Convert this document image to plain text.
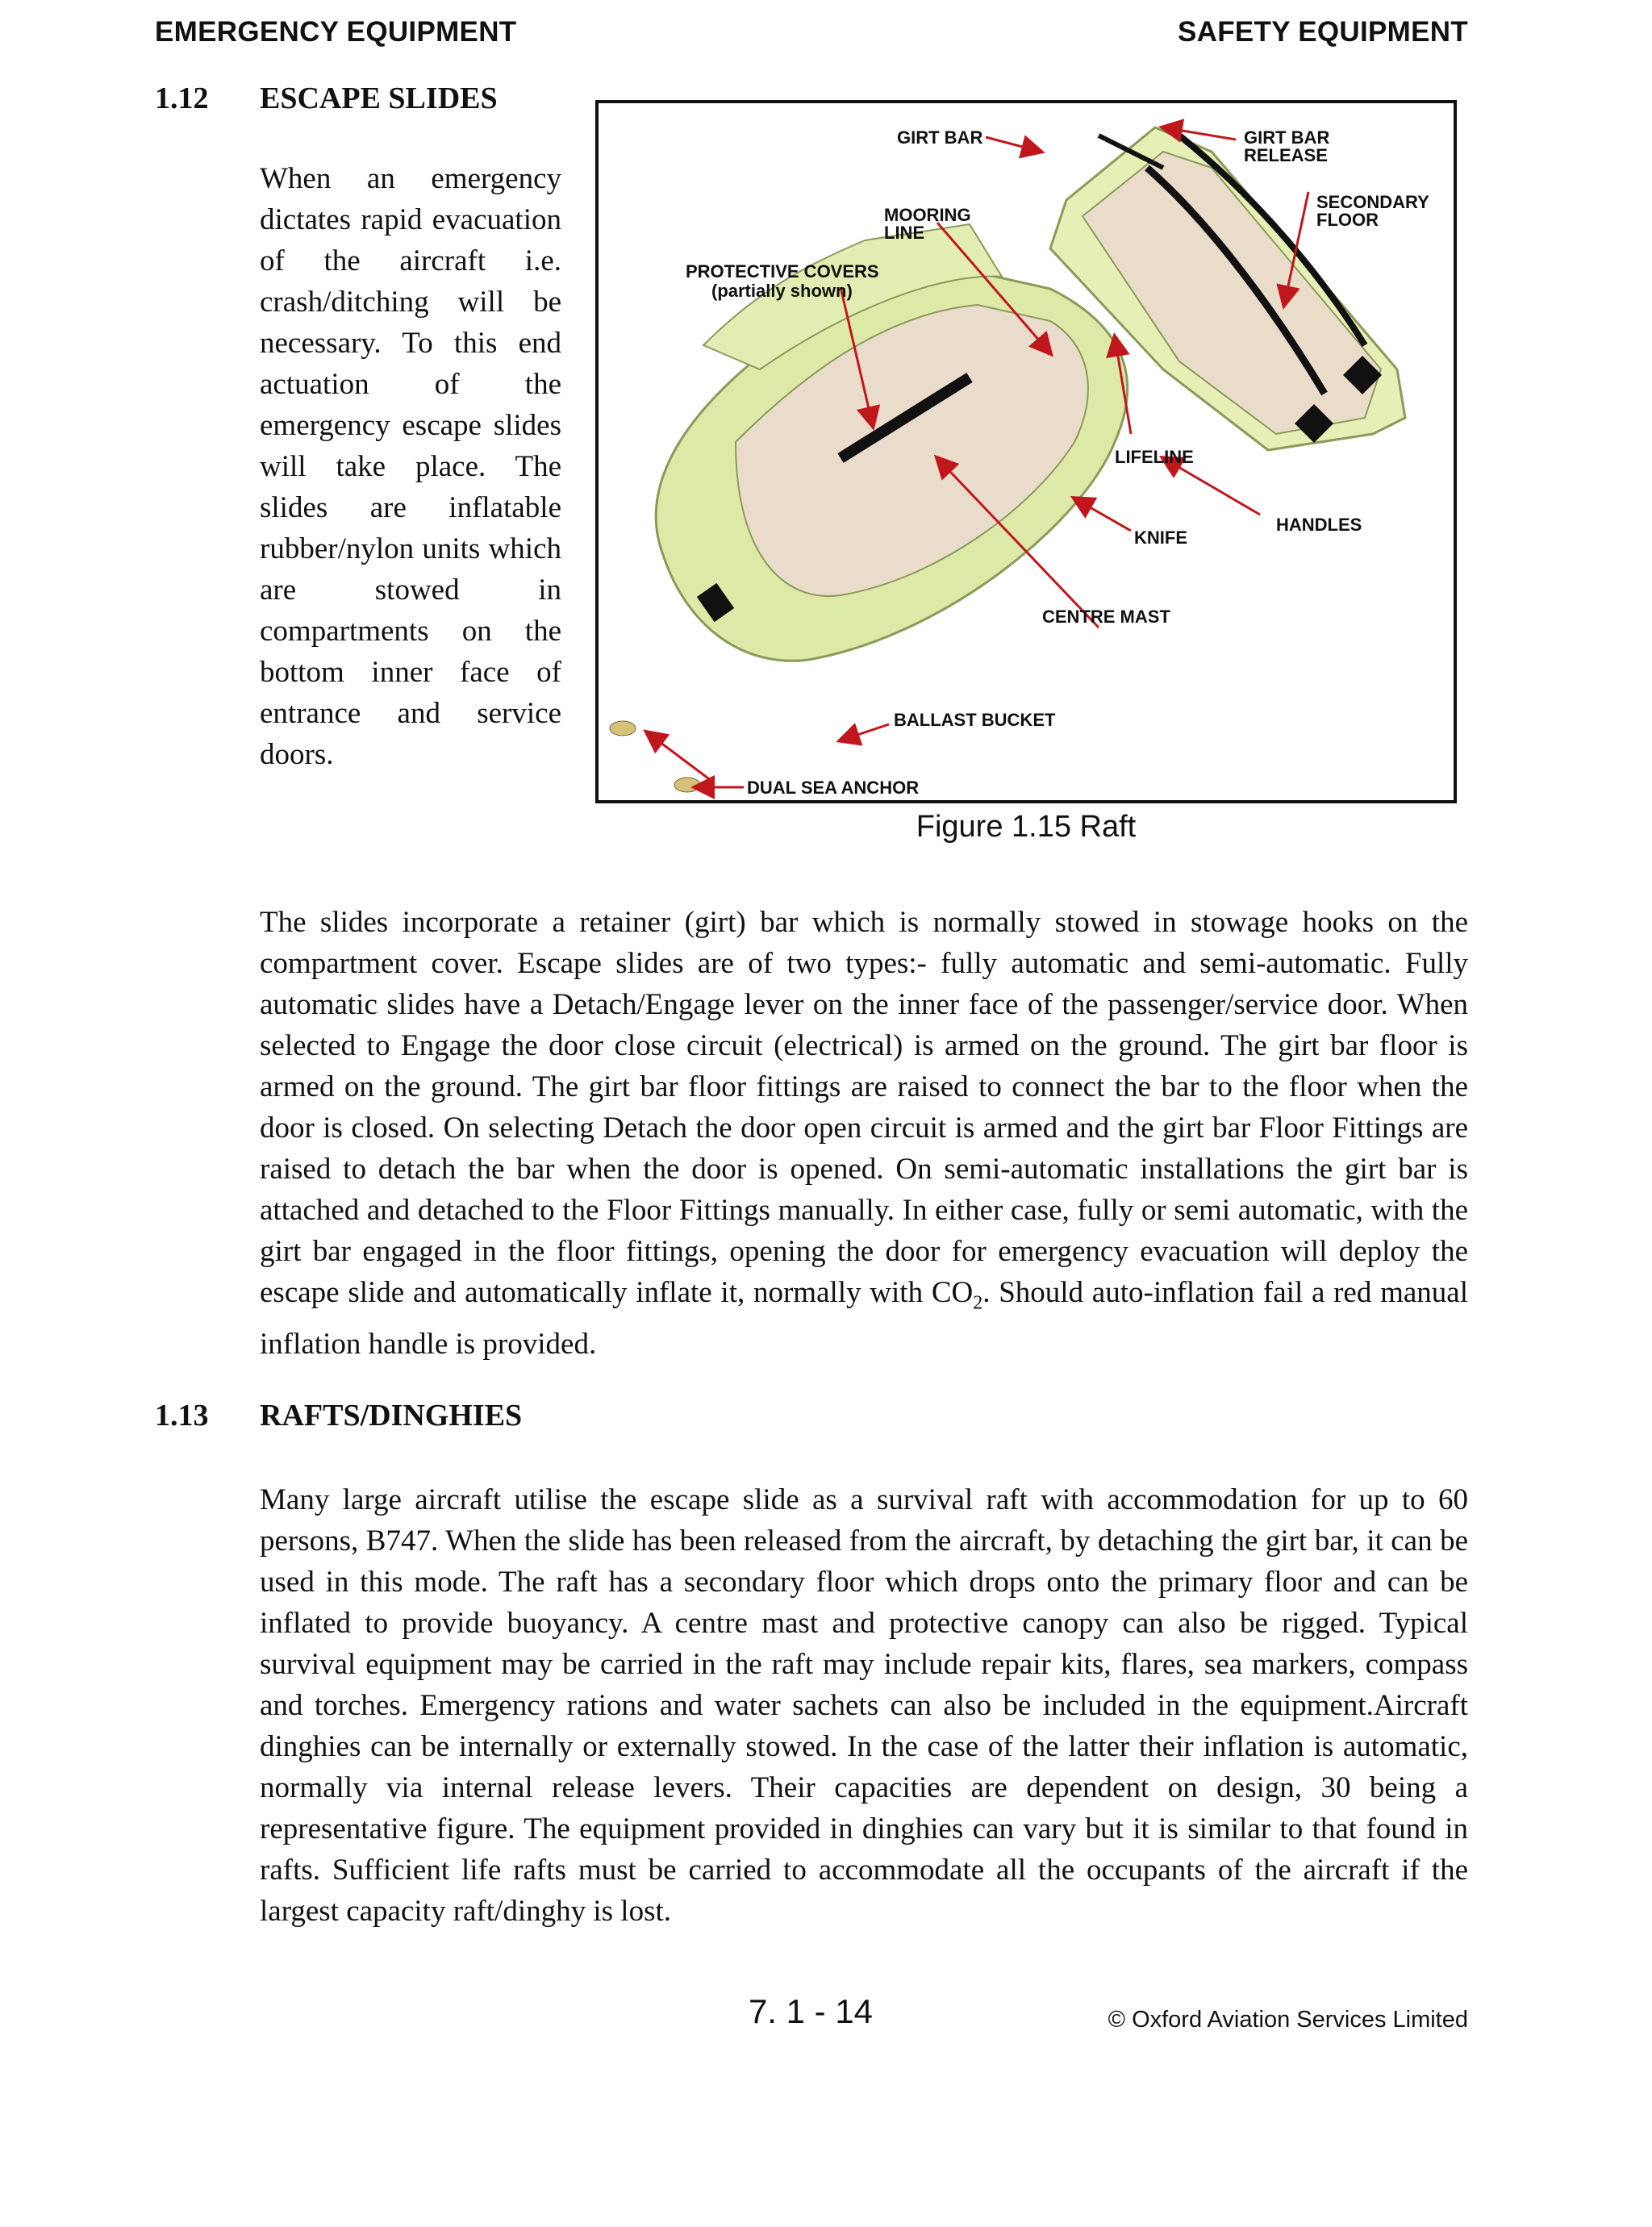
EMERGENCY EQUIPMENT	SAFETY EQUIPMENT
1.12 ESCAPE SLIDES
When an emergency dictates rapid evacuation of the aircraft i.e. crash/ditching will be necessary. To this end actuation of the emergency escape slides will take place. The slides are inflatable rubber/nylon units which are stowed in compartments on the bottom inner face of entrance and service doors.
GIRT BAR	GIRT BAR
RELEASE
SECONDARY
FLOOR
MOORING
LINE
PROTECTIVE COVERS
(partially shown)
LIFELINE
HANDLES
KNIFE
CENTRE MAST
BALLAST BUCKET
DUAL SEA ANCHOR
Figure 1.15 Raft
The slides incorporate a retainer (girt) bar which is normally stowed in stowage hooks on the compartment cover. Escape slides are of two types:- fully automatic and semi-automatic. Fully automatic slides have a Detach/Engage lever on the inner face of the passenger/service door. When selected to Engage the door close circuit (electrical) is armed on the ground. The girt bar floor is armed on the ground. The girt bar floor fittings are raised to connect the bar to the floor when the door is closed. On selecting Detach the door open circuit is armed and the girt bar Floor Fittings are raised to detach the bar when the door is opened. On semi-automatic installations the girt bar is attached and detached to the Floor Fittings manually. In either case, fully or semi automatic, with the girt bar engaged in the floor fittings, opening the door for emergency evacuation will deploy the escape slide and automatically inflate it, normally with $CO_2$. Should auto-inflation fail a red manual inflation handle is provided.
1.13 RAFTS/DINGHIES
Many large aircraft utilise the escape slide as a survival raft with accommodation for up to 60 persons, B747. When the slide has been released from the aircraft, by detaching the girt bar, it can be used in this mode. The raft has a secondary floor which drops onto the primary floor and can be inflated to provide buoyancy. A centre mast and protective canopy can also be rigged. Typical survival equipment may be carried in the raft may include repair kits, flares, sea markers, compass and torches. Emergency rations and water sachets can also be included in the equipment.Aircraft dinghies can be internally or externally stowed. In the case of the latter their inflation is automatic, normally via internal release levers. Their capacities are dependent on design, 30 being a representative figure. The equipment provided in dinghies can vary but it is similar to that found in rafts. Sufficient life rafts must be carried to accommodate all the occupants of the aircraft if the largest capacity raft/dinghy is lost.
7. 1 - 14	© Oxford Aviation Services Limited
